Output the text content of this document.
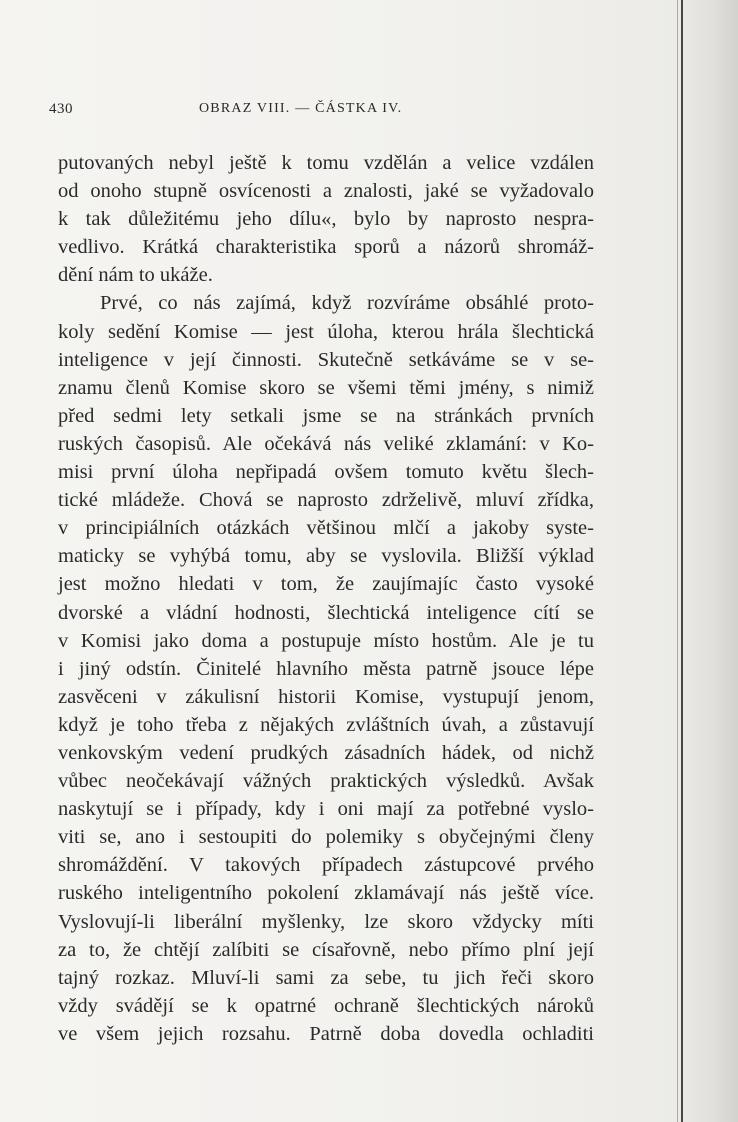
430	OBRAZ VIII. — ČÁSTKA IV.
putovaných nebyl ještě k tomu vzdělán a velice vzdálen
od onoho stupně osvícenosti a znalosti, jaké se vyžadovalo
k tak důležitému jeho dílu«, bylo by naprosto nespra-
vedlivo. Krátká charakteristika sporů a názorů shromáž-
dění nám to ukáže.
Prvé, co nás zajímá, když rozvíráme obsáhlé proto-
koly sedění Komise — jest úloha, kterou hrála šlechtická
inteligence v její činnosti. Skutečně setkáváme se v se-
znamu členů Komise skoro se všemi těmi jmény, s nimiž
před sedmi lety setkali jsme se na stránkách prvních
ruských časopisů. Ale očekává nás veliké zklamání: v Ko-
misi první úloha nepřipadá ovšem tomuto květu šlech-
tické mládeže. Chová se naprosto zdrželivě, mluví zřídka,
v principiálních otázkách většinou mlčí a jakoby syste-
maticky se vyhýbá tomu, aby se vyslovila. Bližší výklad
jest možno hledati v tom, že zaujímajíc často vysoké
dvorské a vládní hodnosti, šlechtická inteligence cítí se
v Komisi jako doma a postupuje místo hostům. Ale je tu
i jiný odstín. Činitelé hlavního města patrně jsouce lépe
zasvěceni v zákulisní historii Komise, vystupují jenom,
když je toho třeba z nějakých zvláštních úvah, a zůstavují
venkovským vedení prudkých zásadních hádek, od nichž
vůbec neočekávají vážných praktických výsledků. Avšak
naskytují se i případy, kdy i oni mají za potřebné vyslo-
viti se, ano i sestoupiti do polemiky s obyčejnými členy
shromáždění. V takových případech zástupcové prvého
ruského inteligentního pokolení zklamávají nás ještě více.
Vyslovují-li liberální myšlenky, lze skoro vždycky míti
za to, že chtějí zalíbiti se císařovně, nebo přímo plní její
tajný rozkaz. Mluví-li sami za sebe, tu jich řeči skoro
vždy svádějí se k opatrné ochraně šlechtických nároků
ve všem jejich rozsahu. Patrně doba dovedla ochladiti
